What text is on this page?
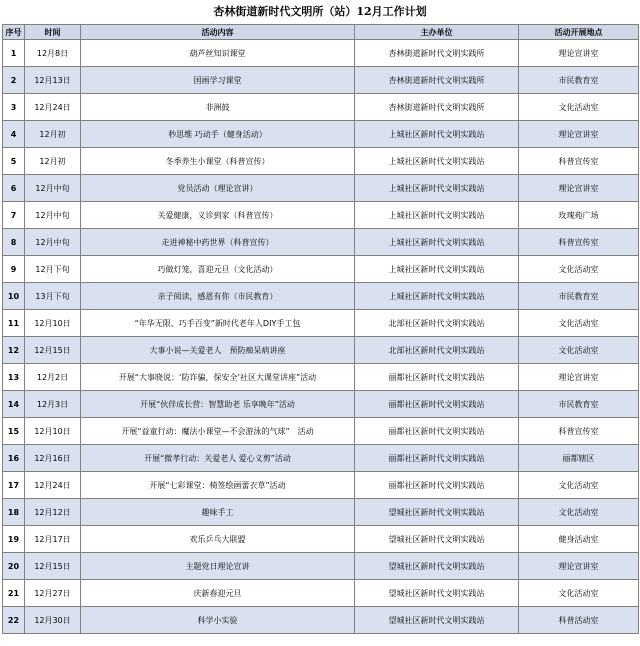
杏林街道新时代文明所（站）12月工作计划
序号	时间	活动内容	主办单位	活动开展地点
1	12月8日	葫芦丝知识课堂	杏林街道新时代文明实践所	理论宣讲室
2	12月13日	国画学习课堂	杏林街道新时代文明实践所	市民教育室
3	12月24日	非洲鼓	杏林街道新时代文明实践所	文化活动室
4	12月初	秒思维 巧动手（健身活动）	上城社区新时代文明实践站	理论宣讲室
5	12月初	冬季养生小课堂（科普宣传）	上城社区新时代文明实践站	科普宣传室
6	12月中旬	党员活动（理论宣讲）	上城社区新时代文明实践站	理论宣讲室
7	12月中旬	关爱健康，义诊到家（科普宣传）	上城社区新时代文明实践站	玫瑰苑广场
8	12月中旬	走进神秘中药世界（科普宣传）	上城社区新时代文明实践站	科普宣传室
9	12月下旬	巧做灯笼，喜迎元旦（文化活动）	上城社区新时代文明实践站	文化活动室
10	13月下旬	亲子阅读，感恩有你（市民教育）	上城社区新时代文明实践站	市民教育室
11	12月10日	“年华无限、巧手百变”新时代老年人DIY手工包	北部社区新时代文明实践站	文化活动室
12	12月15日	大事小说—关爱老人　预防痴呆病讲座	北部社区新时代文明实践站	文化活动室
13	12月2日	开展“大事晓说：‘防诈骗，保安全’社区大课堂讲座”活动	丽都社区新时代文明实践站	理论宣讲室
14	12月3日	开展“伙伴成长营：智慧助老 乐享晚年”活动	丽都社区新时代文明实践站	市民教育室
15	12月10日	开展“益童行动：魔法小课堂—不会游泳的气球”　活动	丽都社区新时代文明实践站	科普宣传室
16	12月16日	开展“微孝行动：关爱老人 爱心义剪”活动	丽都社区新时代文明实践站	丽都辖区
17	12月24日	开展“七彩课堂：椅签绘画蕾衣草”活动	丽都社区新时代文明实践站	文化活动室
18	12月12日	趣味手工	望城社区新时代文明实践站	文化活动室
19	12月17日	欢乐乒乓大联盟	望城社区新时代文明实践站	健身活动室
20	12月15日	主题党日理论宣讲	望城社区新时代文明实践站	理论宣讲室
21	12月27日	庆新春迎元旦	望城社区新时代文明实践站	文化活动室
22	12月30日	科学小实验	望城社区新时代文明实践站	科普活动室
